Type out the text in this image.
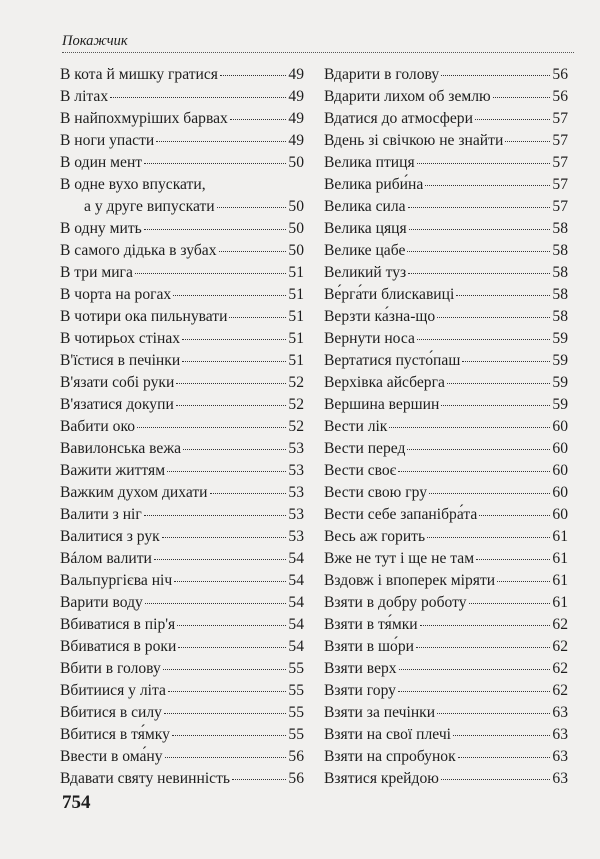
Покажчик
В кота й мишку гратися	49
В літах	49
В найпохмуріших барвах	49
В ноги упасти	49
В один мент	50
В одне вухо впускати,
а у друге випускати	50
В одну мить	50
В самого дідька в зубах	50
В три мига	51
В чорта на рогах	51
В чотири ока пильнувати	51
В чотирьох стінах	51
В'їстися в печінки	51
В'язати собі руки	52
В'язатися докупи	52
Вабити око	52
Вавилонська вежа	53
Важити життям	53
Важким духом дихати	53
Валити з ніг	53
Валитися з рук	53
Вáлом валити	54
Вальпургієва ніч	54
Варити воду	54
Вбиватися в пір'я	54
Вбиватися в роки	54
Вбити в голову	55
Вбитиися у літа	55
Вбитися в силу	55
Вбитися в тя́мку	55
Ввести в ома́ну	56
Вдавати святу невинність	56
Вдарити в голову	56
Вдарити лихом об землю	56
Вдатися до атмосфери	57
Вдень зі свічкою не знайти	57
Велика птиця	57
Велика риби́на	57
Велика сила	57
Велика цяця	58
Велике цабе	58
Великий туз	58
Ве́рга́ти блискавиці	58
Верзти ка́зна-що	58
Вернути носа	59
Вертатися пусто́паш	59
Верхівка айсберга	59
Вершина вершин	59
Вести лік	60
Вести перед	60
Вести своє	60
Вести свою гру	60
Вести себе запанібра́та	60
Весь аж горить	61
Вже не тут і ще не там	61
Вздовж і впоперек міряти	61
Взяти в добру роботу	61
Взяти в тя́мки	62
Взяти в шо́ри	62
Взяти верх	62
Взяти гору	62
Взяти за печінки	63
Взяти на свої плечі	63
Взяти на спробунок	63
Взятися крейдою	63
754
